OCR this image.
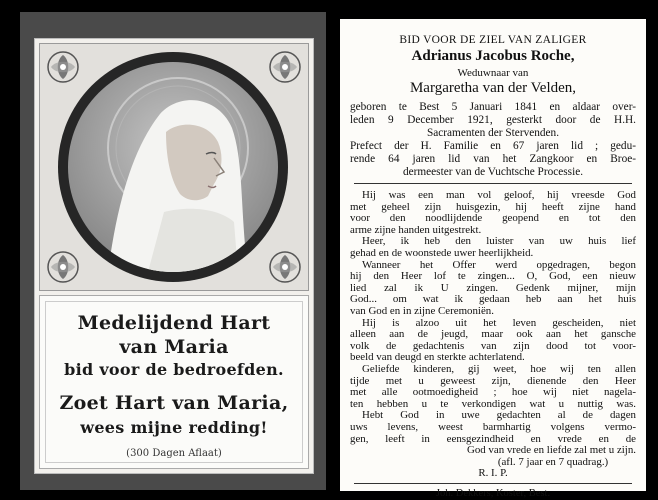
Medelijdend Hart
van Maria
bid voor de bedroefden.
Zoet Hart van Maria,
wees mijne redding!
(300 Dagen Aflaat)
BID VOOR DE ZIEL VAN ZALIGER
Adrianus Jacobus Roche,
Weduwnaar van
Margaretha van der Velden,
geboren te Best 5 Januari 1841 en aldaar over-
leden 9 December 1921, gesterkt door de H.H.
Sacramenten der Stervenden.
Prefect der H. Familie en 67 jaren lid ; gedu-
rende 64 jaren lid van het Zangkoor en Broe-
dermeester van de Vuchtsche Processie.
Hij was een man vol geloof, hij vreesde God
met geheel zijn huisgezin, hij heeft zijne hand
voor den noodlijdende geopend en tot den
arme zijne handen uitgestrekt.
Heer, ik heb den luister van uw huis lief
gehad en de woonstede uwer heerlijkheid.
Wanneer het Offer werd opgedragen, begon
hij den Heer lof te zingen... O, God, een nieuw
lied zal ik U zingen. Gedenk mijner, mijn
God... om wat ik gedaan heb aan het huis
van God en in zijne Ceremoniën.
Hij is alzoo uit het leven gescheiden, niet
alleen aan de jeugd, maar ook aan het gansche
volk de gedachtenis van zijn dood tot voor-
beeld van deugd en sterkte achterlatend.
Geliefde kinderen, gij weet, hoe wij ten allen
tijde met u geweest zijn, dienende den Heer
met alle ootmoedigheid ; hoe wij niet nagela-
ten hebben u te verkondigen wat u nuttig was.
Hebt God in uwe gedachten al de dagen
uws levens, weest barmhartig volgens vermo-
gen, leeft in eensgezindheid en vrede en de
God van vrede en liefde zal met u zijn.
(afl. 7 jaar en 7 quadrag.)
R. I. P.
Joh. Dekkers, Koster, Best.
